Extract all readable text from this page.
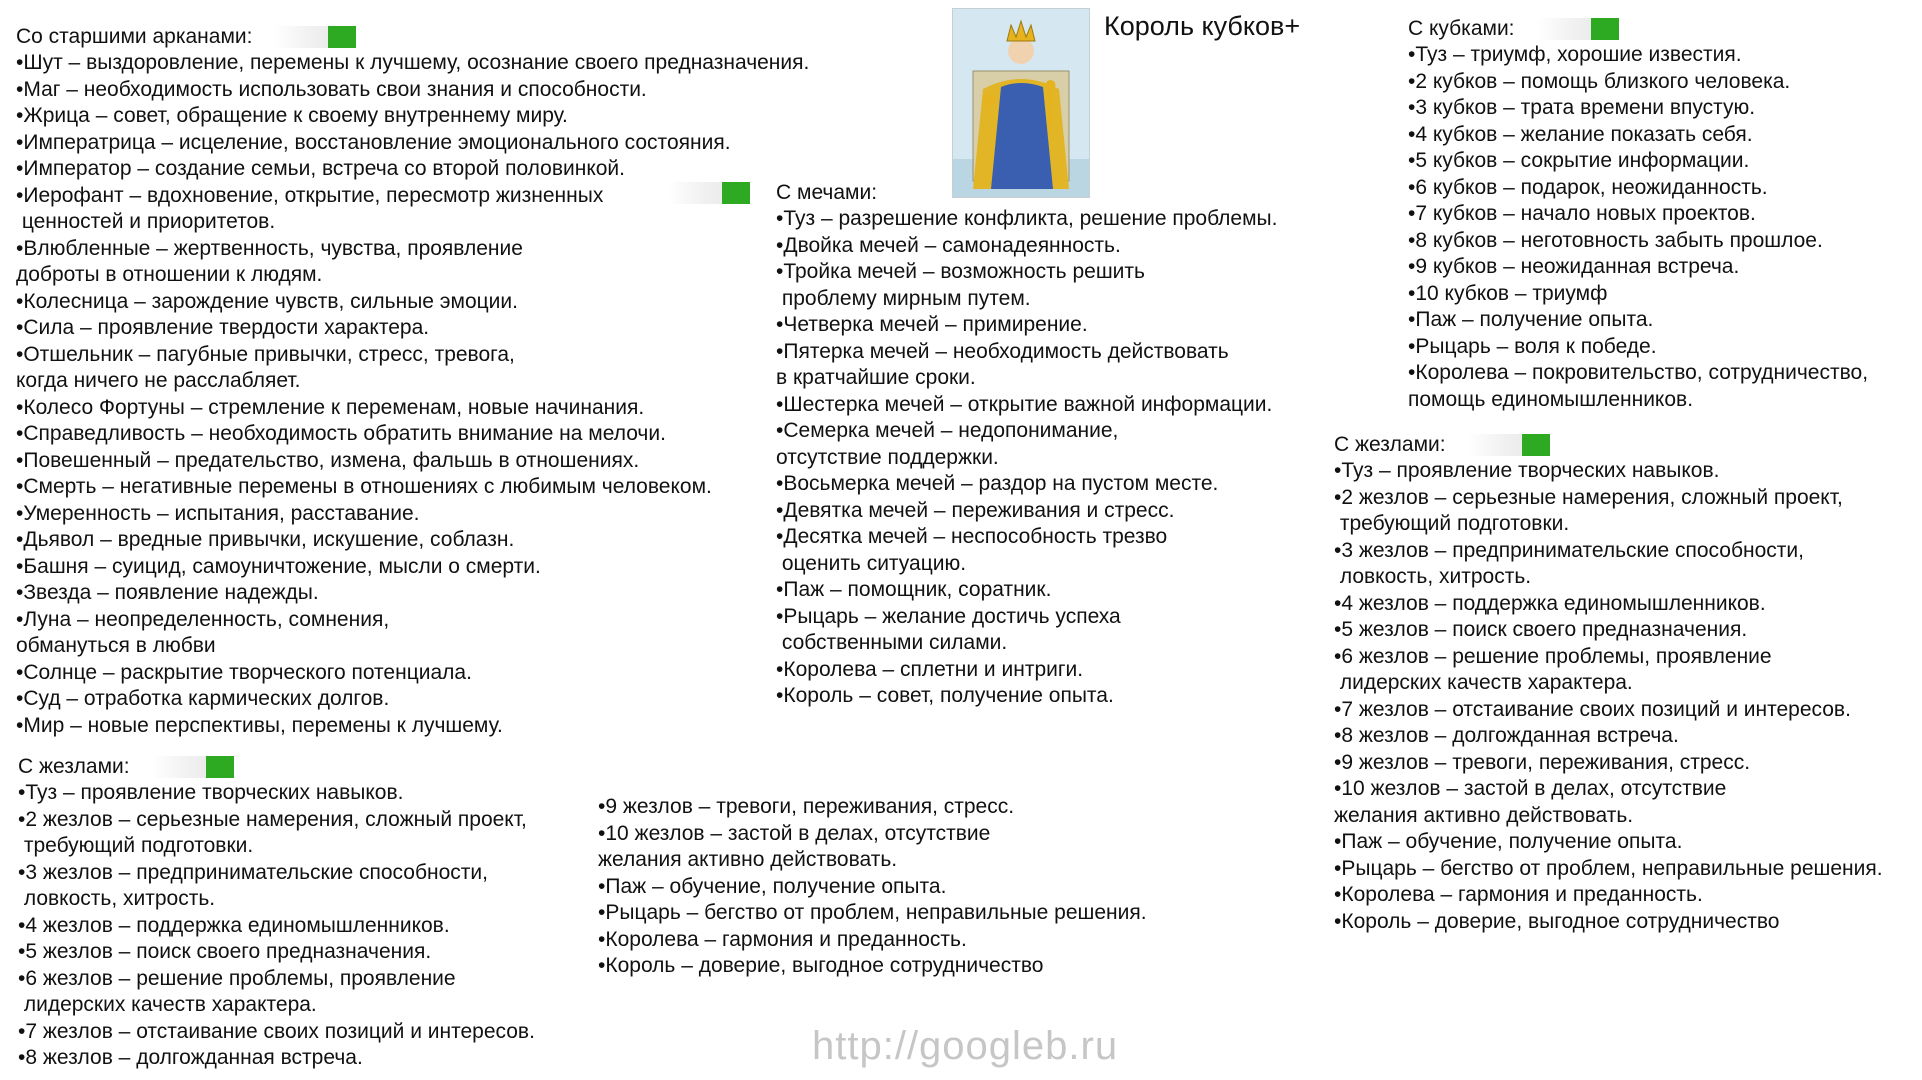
Король кубков+
Со старшими арканами:
•Шут – выздоровление, перемены к лучшему, осознание своего предназначения.
•Маг – необходимость использовать свои знания и способности.
•Жрица – совет, обращение к своему внутреннему миру.
•Императрица – исцеление, восстановление эмоционального состояния.
•Император – создание семьи, встреча со второй половинкой.
•Иерофант – вдохновение, открытие, пересмотр жизненных
ценностей и приоритетов.
•Влюбленные – жертвенность, чувства, проявление
доброты в отношении к людям.
•Колесница – зарождение чувств, сильные эмоции.
•Сила – проявление твердости характера.
•Отшельник – пагубные привычки, стресс, тревога,
когда ничего не расслабляет.
•Колесо Фортуны – стремление к переменам, новые начинания.
•Справедливость – необходимость обратить внимание на мелочи.
•Повешенный – предательство, измена, фальшь в отношениях.
•Смерть – негативные перемены в отношениях с любимым человеком.
•Умеренность – испытания, расставание.
•Дьявол – вредные привычки, искушение, соблазн.
•Башня – суицид, самоуничтожение, мысли о смерти.
•Звезда – появление надежды.
•Луна – неопределенность, сомнения,
обмануться в любви
•Солнце – раскрытие творческого потенциала.
•Суд – отработка кармических долгов.
•Мир – новые перспективы, перемены к лучшему.
С мечами:
•Туз – разрешение конфликта, решение проблемы.
•Двойка мечей – самонадеянность.
•Тройка мечей – возможность решить
проблему мирным путем.
•Четверка мечей – примирение.
•Пятерка мечей – необходимость действовать
в кратчайшие сроки.
•Шестерка мечей – открытие важной информации.
•Семерка мечей – недопонимание,
отсутствие поддержки.
•Восьмерка мечей – раздор на пустом месте.
•Девятка мечей – переживания и стресс.
•Десятка мечей – неспособность трезво
оценить ситуацию.
•Паж – помощник, соратник.
•Рыцарь – желание достичь успеха
собственными силами.
•Королева – сплетни и интриги.
•Король – совет, получение опыта.
С кубками:
•Туз – триумф, хорошие известия.
•2 кубков – помощь близкого человека.
•3 кубков – трата времени впустую.
•4 кубков – желание показать себя.
•5 кубков – сокрытие информации.
•6 кубков – подарок, неожиданность.
•7 кубков – начало новых проектов.
•8 кубков – неготовность забыть прошлое.
•9 кубков – неожиданная встреча.
•10 кубков – триумф
•Паж – получение опыта.
•Рыцарь – воля к победе.
•Королева – покровительство, сотрудничество,
помощь единомышленников.
С жезлами:
•Туз – проявление творческих навыков.
•2 жезлов – серьезные намерения, сложный проект,
требующий подготовки.
•3 жезлов – предпринимательские способности,
ловкость, хитрость.
•4 жезлов – поддержка единомышленников.
•5 жезлов – поиск своего предназначения.
•6 жезлов – решение проблемы, проявление
лидерских качеств характера.
•7 жезлов – отстаивание своих позиций и интересов.
•8 жезлов – долгожданная встреча.
•9 жезлов – тревоги, переживания, стресс.
•10 жезлов – застой в делах, отсутствие
желания активно действовать.
•Паж – обучение, получение опыта.
•Рыцарь – бегство от проблем, неправильные решения.
•Королева – гармония и преданность.
•Король – доверие, выгодное сотрудничество
С жезлами:
•Туз – проявление творческих навыков.
•2 жезлов – серьезные намерения, сложный проект,
требующий подготовки.
•3 жезлов – предпринимательские способности,
ловкость, хитрость.
•4 жезлов – поддержка единомышленников.
•5 жезлов – поиск своего предназначения.
•6 жезлов – решение проблемы, проявление
лидерских качеств характера.
•7 жезлов – отстаивание своих позиций и интересов.
•8 жезлов – долгожданная встреча.
•9 жезлов – тревоги, переживания, стресс.
•10 жезлов – застой в делах, отсутствие
желания активно действовать.
•Паж – обучение, получение опыта.
•Рыцарь – бегство от проблем, неправильные решения.
•Королева – гармония и преданность.
•Король – доверие, выгодное сотрудничество
http://googleb.ru
